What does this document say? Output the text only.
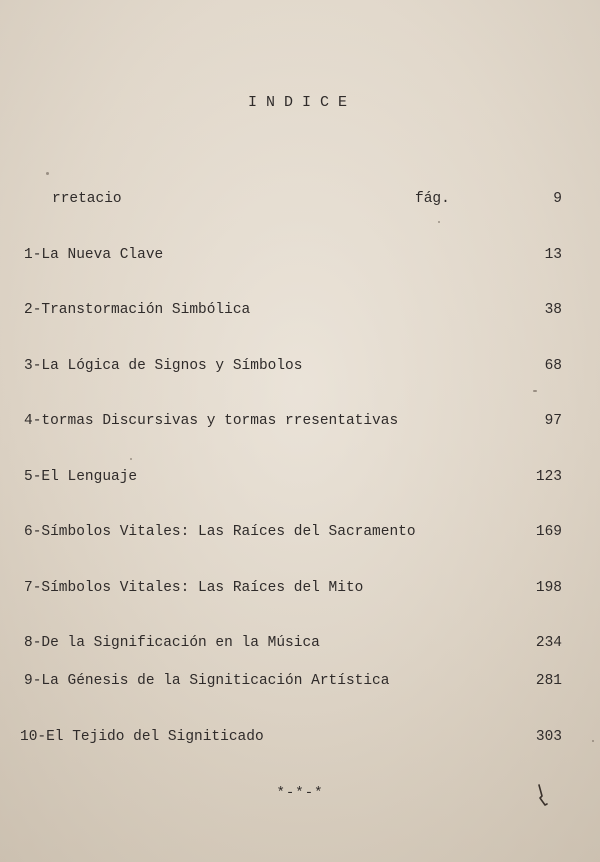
INDICE
rretacio	fág.	9
1-La Nueva Clave	13
2-Transtormación Simbólica	38
3-La Lógica de Signos y Símbolos	68
4-tormas Discursivas y tormas rresentativas	97
5-El Lenguaje	123
6-Símbolos Vitales: Las Raíces del Sacramento	169
7-Símbolos Vitales: Las Raíces del Mito	198
8-De la Significación en la Música	234
9-La Génesis de la Signiticación Artística	281
10-El Tejido del Signiticado	303
*-*-*
